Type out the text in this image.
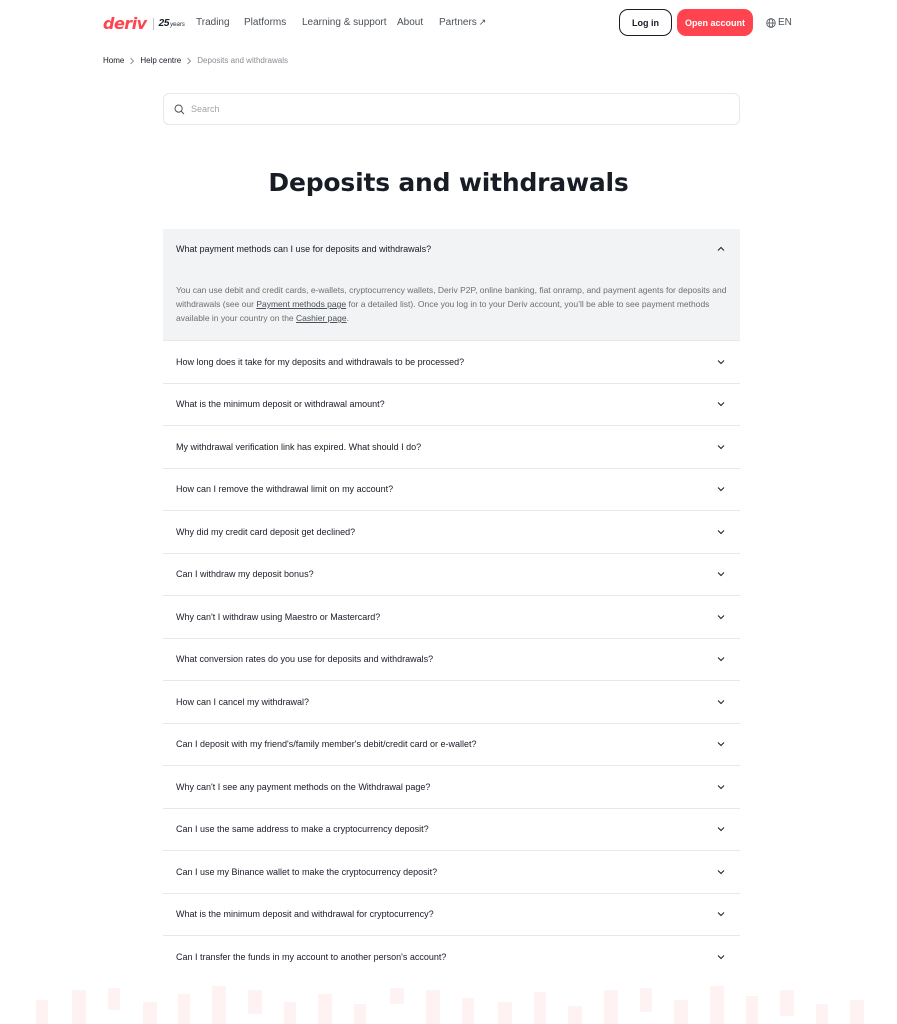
deriv 25 years Trading Platforms Learning & support About Partners ↗	Log in	Open account	EN
Home Help centre Deposits and withdrawals
Search
Deposits and withdrawals
What payment methods can I use for deposits and withdrawals?
You can use debit and credit cards, e-wallets, cryptocurrency wallets, Deriv P2P, online banking, fiat onramp, and payment agents for deposits and withdrawals (see our Payment methods page for a detailed list). Once you log in to your Deriv account, you’ll be able to see payment methods available in your country on the Cashier page.
How long does it take for my deposits and withdrawals to be processed?
What is the minimum deposit or withdrawal amount?
My withdrawal verification link has expired. What should I do?
How can I remove the withdrawal limit on my account?
Why did my credit card deposit get declined?
Can I withdraw my deposit bonus?
Why can't I withdraw using Maestro or Mastercard?
What conversion rates do you use for deposits and withdrawals?
How can I cancel my withdrawal?
Can I deposit with my friend's/family member's debit/credit card or e-wallet?
Why can't I see any payment methods on the Withdrawal page?
Can I use the same address to make a cryptocurrency deposit?
Can I use my Binance wallet to make the cryptocurrency deposit?
What is the minimum deposit and withdrawal for cryptocurrency?
Can I transfer the funds in my account to another person's account?
